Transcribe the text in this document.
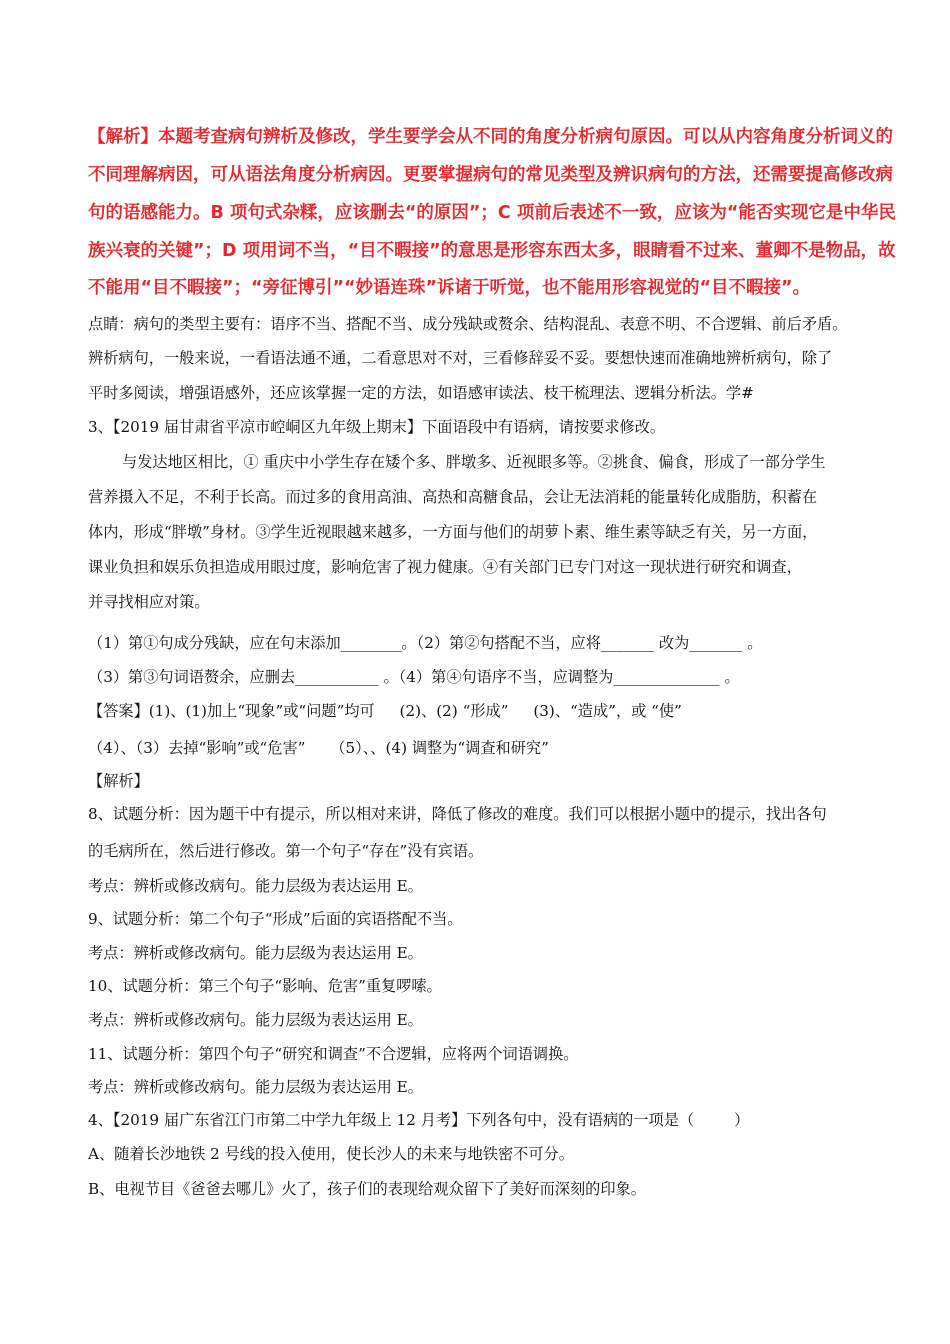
【解析】本题考查病句辨析及修改，学生要学会从不同的角度分析病句原因。可以从内容角度分析词义的
不同理解病因，可从语法角度分析病因。更要掌握病句的常见类型及辨识病句的方法，还需要提高修改病
句的语感能力。B 项句式杂糅，应该删去“的原因”；C 项前后表述不一致，应该为“能否实现它是中华民
族兴衰的关键”；D 项用词不当，“目不暇接”的意思是形容东西太多，眼睛看不过来、董卿不是物品，故
不能用“目不暇接”；“旁征博引”“妙语连珠”诉诸于听觉，也不能用形容视觉的“目不暇接”。
点睛：病句的类型主要有：语序不当、搭配不当、成分残缺或赘余、结构混乱、表意不明、不合逻辑、前后矛盾。
辨析病句，一般来说，一看语法通不通，二看意思对不对，三看修辞妥不妥。要想快速而准确地辨析病句，除了
平时多阅读，增强语感外，还应该掌握一定的方法，如语感审读法、枝干梳理法、逻辑分析法。学#
3、【2019 届甘肃省平凉市崆峒区九年级上期末】下面语段中有语病，请按要求修改。
与发达地区相比，① 重庆中小学生存在矮个多、胖墩多、近视眼多等。②挑食、偏食，形成了一部分学生
营养摄入不足，不利于长高。而过多的食用高油、高热和高糖食品，会让无法消耗的能量转化成脂肪，积蓄在
体内，形成“胖墩”身材。③学生近视眼越来越多，一方面与他们的胡萝卜素、维生素等缺乏有关，另一方面，
课业负担和娱乐负担造成用眼过度，影响危害了视力健康。④有关部门已专门对这一现状进行研究和调查，
并寻找相应对策。
（1）第①句成分残缺，应在句末添加________。（2）第②句搭配不当，应将_______ 改为_______ 。
（3）第③句词语赘余，应删去___________ 。（4）第④句语序不当，应调整为______________ 。
【答案】(1)、(1)加上“现象”或“问题”均可 　 (2)、(2) “形成” 　 (3)、“造成”，或 “使”
（4）、（3）去掉“影响”或“危害” 　 （5）、、(4) 调整为“调查和研究”
【解析】
8、试题分析：因为题干中有提示，所以相对来讲，降低了修改的难度。我们可以根据小题中的提示，找出各句
的毛病所在，然后进行修改。第一个句子“存在”没有宾语。
考点：辨析或修改病句。能力层级为表达运用 E。
9、试题分析：第二个句子“形成”后面的宾语搭配不当。
考点：辨析或修改病句。能力层级为表达运用 E。
10、试题分析：第三个句子“影响、危害”重复啰嗦。
考点：辨析或修改病句。能力层级为表达运用 E。
11、试题分析：第四个句子“研究和调查”不合逻辑，应将两个词语调换。
考点：辨析或修改病句。能力层级为表达运用 E。
4、【2019 届广东省江门市第二中学九年级上 12 月考】下列各句中，没有语病的一项是（ 　　 ）
A、随着长沙地铁 2 号线的投入使用，使长沙人的未来与地铁密不可分。
B、电视节目《爸爸去哪儿》火了，孩子们的表现给观众留下了美好而深刻的印象。
